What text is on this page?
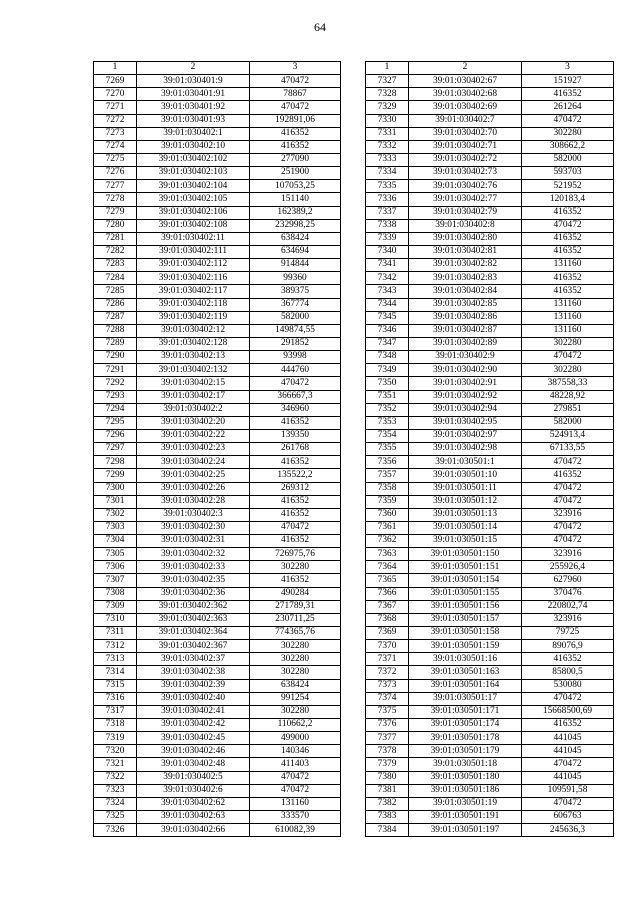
64
1	2	3
7269	39:01:030401:9	470472
7270	39:01:030401:91	78867
7271	39:01:030401:92	470472
7272	39:01:030401:93	192891,06
7273	39:01:030402:1	416352
7274	39:01:030402:10	416352
7275	39:01:030402:102	277090
7276	39:01:030402:103	251900
7277	39:01:030402:104	107053,25
7278	39:01:030402:105	151140
7279	39:01:030402:106	162389,2
7280	39:01:030402:108	232998,25
7281	39:01:030402:11	638424
7282	39:01:030402:111	634694
7283	39:01:030402:112	914844
7284	39:01:030402:116	99360
7285	39:01:030402:117	389375
7286	39:01:030402:118	367774
7287	39:01:030402:119	582000
7288	39:01:030402:12	149874,55
7289	39:01:030402:128	291852
7290	39:01:030402:13	93998
7291	39:01:030402:132	444760
7292	39:01:030402:15	470472
7293	39:01:030402:17	366667,3
7294	39:01:030402:2	346960
7295	39:01:030402:20	416352
7296	39:01:030402:22	139350
7297	39:01:030402:23	261768
7298	39:01:030402:24	416352
7299	39:01:030402:25	135522,2
7300	39:01:030402:26	269312
7301	39:01:030402:28	416352
7302	39:01:030402:3	416352
7303	39:01:030402:30	470472
7304	39:01:030402:31	416352
7305	39:01:030402:32	726975,76
7306	39:01:030402:33	302280
7307	39:01:030402:35	416352
7308	39:01:030402:36	490284
7309	39:01:030402:362	271789,31
7310	39:01:030402:363	230711,25
7311	39:01:030402:364	774365,76
7312	39:01:030402:367	302280
7313	39:01:030402:37	302280
7314	39:01:030402:38	302280
7315	39:01:030402:39	638424
7316	39:01:030402:40	991254
7317	39:01:030402:41	302280
7318	39:01:030402:42	110662,2
7319	39:01:030402:45	499000
7320	39:01:030402:46	140346
7321	39:01:030402:48	411403
7322	39:01:030402:5	470472
7323	39:01:030402:6	470472
7324	39:01:030402:62	131160
7325	39:01:030402:63	333570
7326	39:01:030402:66	610082,39
1	2	3
7327	39:01:030402:67	151927
7328	39:01:030402:68	416352
7329	39:01:030402:69	261264
7330	39:01:030402:7	470472
7331	39:01:030402:70	302280
7332	39:01:030402:71	308662,2
7333	39:01:030402:72	582000
7334	39:01:030402:73	593703
7335	39:01:030402:76	521952
7336	39:01:030402:77	120183,4
7337	39:01:030402:79	416352
7338	39:01:030402:8	470472
7339	39:01:030402:80	416352
7340	39:01:030402:81	416352
7341	39:01:030402:82	131160
7342	39:01:030402:83	416352
7343	39:01:030402:84	416352
7344	39:01:030402:85	131160
7345	39:01:030402:86	131160
7346	39:01:030402:87	131160
7347	39:01:030402:89	302280
7348	39:01:030402:9	470472
7349	39:01:030402:90	302280
7350	39:01:030402:91	387558,33
7351	39:01:030402:92	48228,92
7352	39:01:030402:94	279851
7353	39:01:030402:95	582000
7354	39:01:030402:97	524913,4
7355	39:01:030402:98	67133,55
7356	39:01:030501:1	470472
7357	39:01:030501:10	416352
7358	39:01:030501:11	470472
7359	39:01:030501:12	470472
7360	39:01:030501:13	323916
7361	39:01:030501:14	470472
7362	39:01:030501:15	470472
7363	39:01:030501:150	323916
7364	39:01:030501:151	255926,4
7365	39:01:030501:154	627960
7366	39:01:030501:155	370476
7367	39:01:030501:156	220802,74
7368	39:01:030501:157	323916
7369	39:01:030501:158	79725
7370	39:01:030501:159	89076,9
7371	39:01:030501:16	416352
7372	39:01:030501:163	85800,5
7373	39:01:030501:164	530080
7374	39:01:030501:17	470472
7375	39:01:030501:171	15668500,69
7376	39:01:030501:174	416352
7377	39:01:030501:178	441045
7378	39:01:030501:179	441045
7379	39:01:030501:18	470472
7380	39:01:030501:180	441045
7381	39:01:030501:186	109591,58
7382	39:01:030501:19	470472
7383	39:01:030501:191	606763
7384	39:01:030501:197	245636,3
